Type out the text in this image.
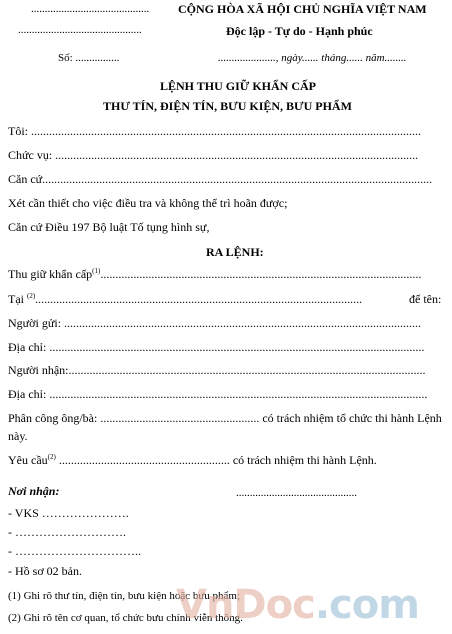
........................................... CỘNG HÒA XÃ HỘI CHỦ NGHĨA VIỆT NAM
.............................................	Độc lập - Tự do - Hạnh phúc
Số: ................	....................., ngày...... tháng...... năm........
LỆNH THU GIỮ KHẨN CẤP
THƯ TÍN, ĐIỆN TÍN, BƯU KIỆN, BƯU PHẨM
Tôi: ..................................................................................................................................
Chức vụ: .........................................................................................................................
Căn cứ..................................................................................................................................
Xét cần thiết cho việc điều tra và không thể trì hoãn được;
Căn cứ Điều 197 Bộ luật Tố tụng hình sự,
RA LỆNH:
Thu giữ khẩn cấp$^{(1)}$...........................................................................................................
Tại $^{(2)}$.............................................................................................................	để tên:
Người gửi: .......................................................................................................................
Địa chỉ: .............................................................................................................................
Người nhận:.......................................................................................................................
Địa chỉ: ..............................................................................................................................
Phân công ông/bà: ..................................................... có trách nhiệm tổ chức thi hành Lệnh
này.
Yêu cầu$^{(2)}$ ......................................................... có trách nhiệm thi hành Lệnh.
Nơi nhận:	............................................
- VKS ………………….
- ……………………….
- …………………………..
- Hồ sơ 02 bản.
(1) Ghi rõ thư tín, điện tín, bưu kiện hoặc bưu phẩm;
(2) Ghi rõ tên cơ quan, tổ chức bưu chính viễn thông.
VnDoc.com
